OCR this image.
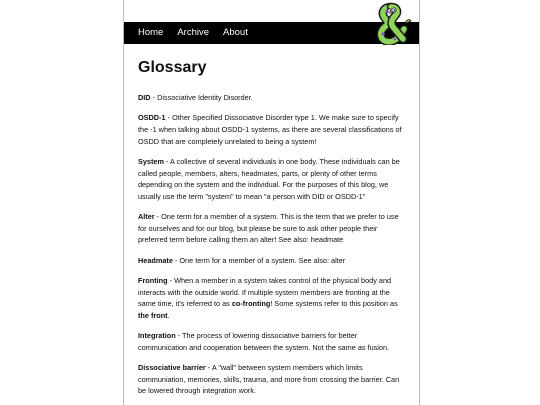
Home Archive About
Glossary

DID - Dissociative Identity Disorder.

OSDD-1 - Other Specified Dissociative Disorder type 1. We make sure to specify the -1 when talking about OSDD-1 systems, as there are several classifications of OSDD that are completely unrelated to being a system!

System - A collective of several individuals in one body. These individuals can be called people, members, alters, headmates, parts, or plenty of other terms depending on the system and the individual. For the purposes of this blog, we usually use the term "system" to mean "a person with DID or OSDD-1"

Alter - One term for a member of a system. This is the term that we prefer to use for ourselves and for our blog, but please be sure to ask other people their preferred term before calling them an alter! See also: headmate

Headmate - One term for a member of a system. See also: alter

Fronting - When a member in a system takes control of the physical body and interacts with the outside world. If multiple system members are fronting at the same time, it's referred to as co-fronting! Some systems refer to this position as the front.

Integration - The process of lowering dissociative barriers for better communication and cooperation between the system. Not the same as fusion.

Dissociative barrier - A "wall" between system members which limits communiation, memories, skills, trauma, and more from crossing the barrier. Can be lowered through integration work.
